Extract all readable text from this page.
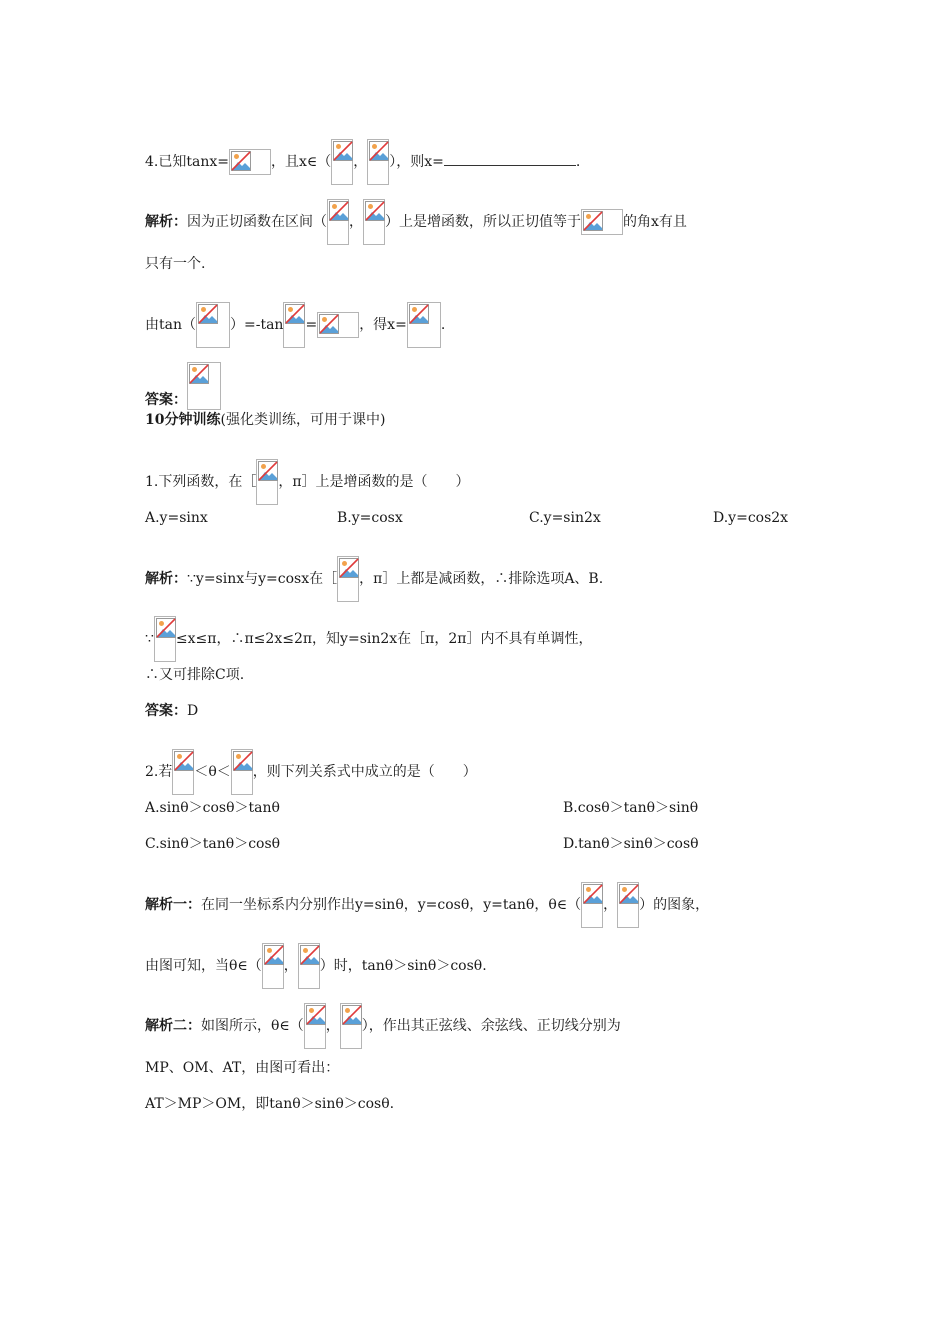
4.已知tanx=	，且x∈（ ， ），则x=	.
解析：因为正切函数在区间（ ， ）上是增函数，所以正切值等于	的角x有且
只有一个.
由tan（ ）=-tan =	，得x= .
答案：
10分钟训练(强化类训练，可用于课中)
1.下列函数，在［ ，π］上是增函数的是（　　）
A.y=sinx	B.y=cosx	C.y=sin2x	D.y=cos2x
解析：∵y=sinx与y=cosx在［ ，π］上都是减函数，∴排除选项A、B.
∵ ≤x≤π，∴π≤2x≤2π，知y=sin2x在［π，2π］内不具有单调性，
∴又可排除C项.
答案：D
2.若 ＜θ＜ ，则下列关系式中成立的是（　　）
A.sinθ＞cosθ＞tanθ	B.cosθ＞tanθ＞sinθ
C.sinθ＞tanθ＞cosθ	D.tanθ＞sinθ＞cosθ
解析一：在同一坐标系内分别作出y=sinθ，y=cosθ，y=tanθ，θ∈（ ， ）的图象，
由图可知，当θ∈（ ， ）时，tanθ＞sinθ＞cosθ.
解析二：如图所示，θ∈（ ， ），作出其正弦线、余弦线、正切线分别为
MP、OM、AT，由图可看出：
AT＞MP＞OM，即tanθ＞sinθ＞cosθ.
